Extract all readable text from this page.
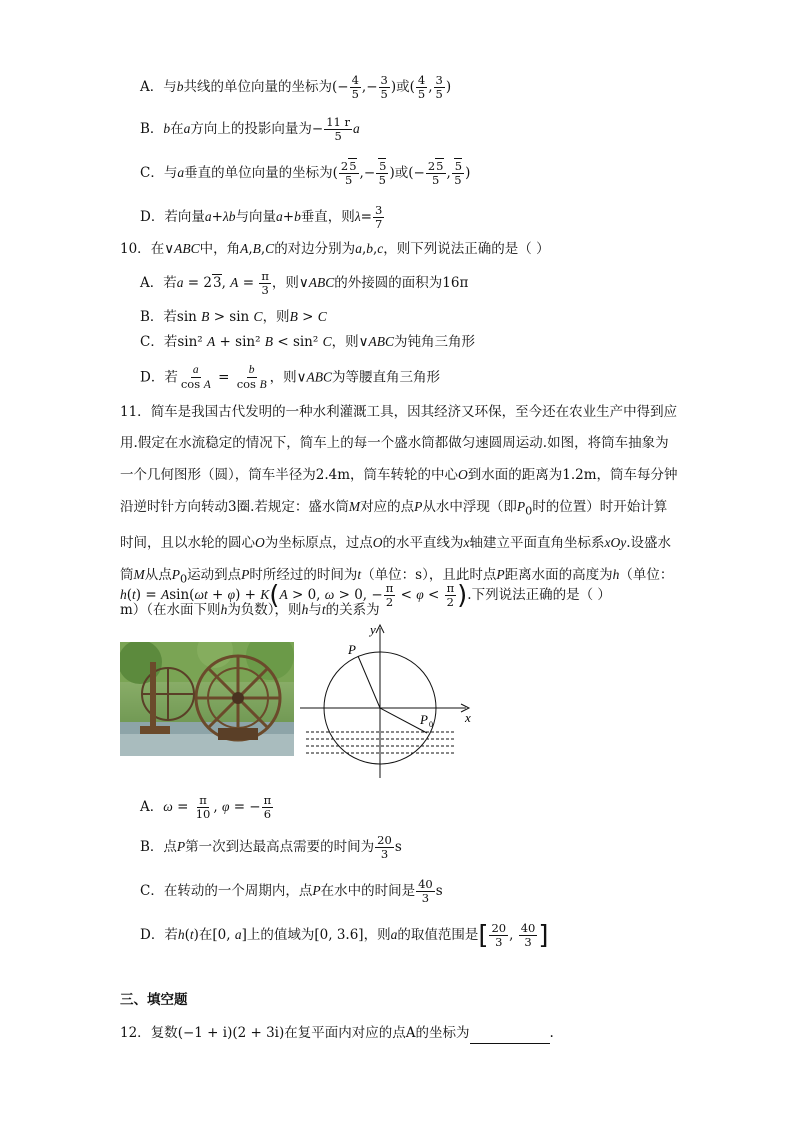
A．与b共线的单位向量的坐标为(− $\frac{4}{5}$ ,− $\frac{3}{5}$ )或( $\frac{4}{5}$ , $\frac{3}{5}$ )
B．b在a方向上的投影向量为− $\frac{11 r}{5}$ a
C．与a垂直的单位向量的坐标为( $\frac{25}{5}$ ,− $\frac{5}{5}$ )或(− $\frac{25}{5}$ , $\frac{5}{5}$ )
D．若向量a+λb与向量a+b垂直，则$\lambda= \frac{3}{7}$
10．在∨ABC中，角A,B,C的对边分别为a,b,c，则下列说法正确的是（ ）
A．若a = 23, $A = \frac{\pi}{3}$ ，则∨ABC的外接圆的面积为16π
B．若sin B > sin C，则B > C
C．若sin² A + sin² B < sin² C，则∨ABC为钝角三角形
D．若 $\frac{a}{\text{cos A}} = \frac{b}{\text{cos B}}$ ，则∨ABC为等腰直角三角形
11．简车是我国古代发明的一种水利灌溉工具，因其经济又环保，至今还在农业生产中得到应用.假定在水流稳定的情况下，简车上的每一个盛水筒都做匀速圆周运动.如图，将筒车抽象为一个几何图形（圆），筒车半径为2.4m，筒车转轮的中心O到水面的距离为1.2m，筒车每分钟沿逆时针方向转动3圈.若规定：盛水筒M对应的点P从水中浮现（即$P_0$时的位置）时开始计算时间，且以水轮的圆心O为坐标原点，过点O的水平直线为x轴建立平面直角坐标系xOy.设盛水筒M从点$P_0$运动到点P时所经过的时间为t（单位：s），且此时点P距离水面的高度为h（单位：m）（在水面下则h为负数），则h与t的关系为
h(t) = Asin(ωt + φ) + K(A > 0, ω > 0, − $\frac{\pi}{2} < \varphi < \frac{\pi}{2}$ ).下列说法正确的是（ ）
y
x
P
P 0
A．$\omega = \frac{\pi}{10}$ , φ = − $\frac{\pi}{6}$
B．点P第一次到达最高点需要的时间为 $\frac{20}{3}$ s
C．在转动的一个周期内，点P在水中的时间是 $\frac{40}{3}$ s
D．若h(t)在[0, a]上的值域为[0, 3.6]，则a的取值范围是[ $\frac{20}{3}$ , $\frac{40}{3}$ ]
三、填空题
12．复数(−1 + i)(2 + 3i)在复平面内对应的点A的坐标为	.
